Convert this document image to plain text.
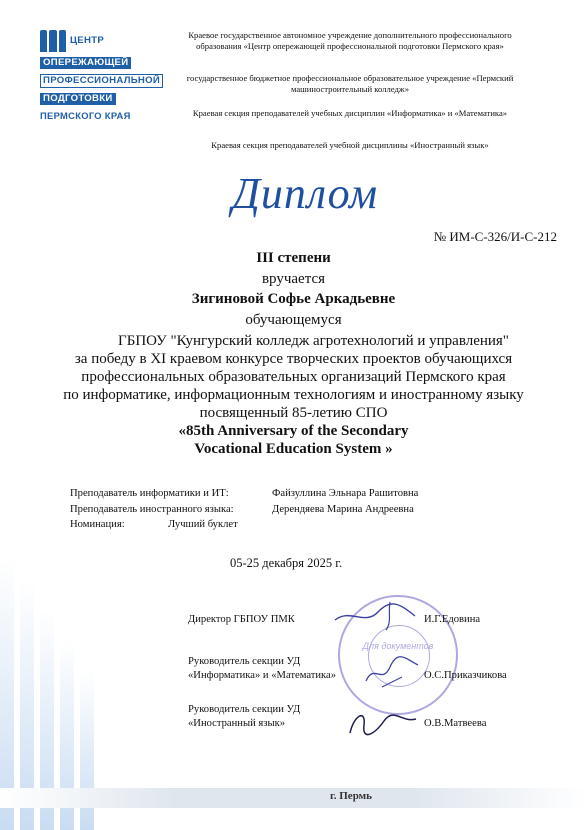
ЦЕНТР
ОПЕРЕЖАЮЩЕЙ
ПРОФЕССИОНАЛЬНОЙ
ПОДГОТОВКИ
ПЕРМСКОГО КРАЯ
Краевое государственное автономное учреждение дополнительного профессионального образования «Центр опережающей профессиональной подготовки Пермского края»
государственное бюджетное профессиональное образовательное учреждение «Пермский машиностроительный колледж»
Краевая секция преподавателей учебных дисциплин «Информатика» и «Математика»
Краевая секция преподавателей учебной дисциплины «Иностранный язык»
Диплом
№ ИМ-С-326/И-С-212
III степени
вручается
Зигиновой Софье Аркадьевне
обучающемуся
ГБПОУ "Кунгурский колледж агротехнологий и управления"
за победу в XI краевом конкурсе творческих проектов обучающихся
профессиональных образовательных организаций Пермского края
по информатике, информационным технологиям и иностранному языку
посвященный 85-летию СПО
«85th Anniversary of the Secondary
Vocational Education System »
Преподаватель информатики и ИТ:	Файзуллина Эльнара Рашитовна
Преподаватель иностранного языка:	Дерендяева Марина Андреевна
Номинация:	Лучший буклет
05-25 декабря 2025 г.
Для документов
Директор ГБПОУ ПМК	И.Г.Едовина
Руководитель секции УД
«Информатика» и «Математика»	О.С.Приказчикова
Руководитель секции УД
«Иностранный язык»	О.В.Матвеева
г. Пермь
